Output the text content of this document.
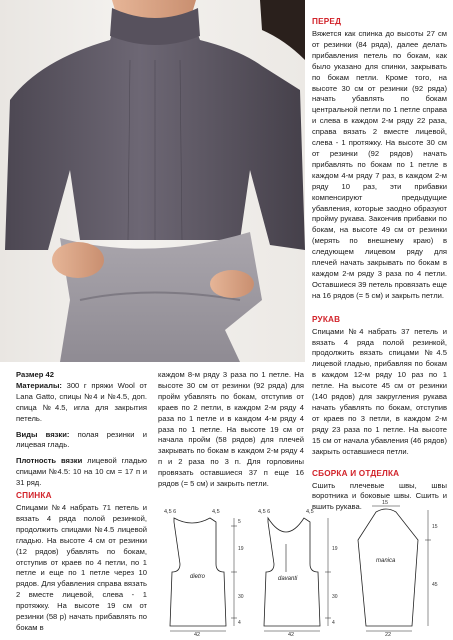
ПЕРЕД
Вяжется как спинка до высоты 27 см от резинки (84 ряда), далее делать прибавления петель по бокам, как было указано для спинки, закрывать по бокам петли. Кроме того, на высоте 30 см от резинки (92 ряда) начать убавлять по бокам центральной петли по 1 петле справа и слева в каждом 2-м ряду 22 раза, справа вязать 2 вместе лицевой, слева - 1 протяжку. На высоте 30 см от резинки (92 рядов) начать прибавлять по бокам по 1 петле в каждом 4-м ряду 7 раз, в каждом 2-м ряду 10 раз, эти прибавки компенсируют предыдущие убавления, которые заодно образуют пройму рукава. Закончив прибавки по бокам, на высоте 49 см от резинки (мерять по внешнему краю) в следующем лицевом ряду для плечей начать закрывать по бокам в каждом 2-м ряду 3 раза по 4 петли. Оставшиеся 39 петель провязать еще на 16 рядов (= 5 см) и закрыть петли.
РУКАВ
Спицами №4 набрать 37 петель и вязать 4 ряда полой резинкой, продолжить вязать спицами №4.5 лицевой гладью, прибавляя по бокам в каждом 12-м ряду 10 раз по 1 петле. На высоте 45 см от резинки (140 рядов) для закругления рукава начать убавлять по бокам, отступив от краев по 3 петли, в каждом 2-м ряду 23 раза по 1 петле. На высоте 15 см от начала убавления (46 рядов) закрыть оставшиеся петли.
СБОРКА И ОТДЕЛКА
Сшить плечевые швы, швы воротника и боковые швы. Сшить и вшить рукава.
Размер 42
Материалы: 300 г пряжи Wool от Lana Gatto, спицы №4 и №4.5, доп. спица №4.5, игла для закрытия петель.
Виды вязки: полая резинки и лицевая гладь.
Плотность вязки лицевой гладью спицами №4.5: 10 на 10 см = 17 п и 31 ряд.
каждом 8-м ряду 3 раза по 1 петле. На высоте 30 см от резинки (92 ряда) для пройм убавлять по бокам, отступив от краев по 2 петли, в каждом 2-м ряду 4 раза по 1 петле и в каждом 4-м ряду 4 раза по 1 петле. На высоте 19 см от начала пройм (58 рядов) для плечей закрывать по бокам в каждом 2-м ряду 4 п и 2 раза по 3 п. Для горловины провязать оставшиеся 37 п еще 16 рядов (= 5 см) и закрыть петли.
СПИНКА
Спицами №4 набрать 71 петель и вязать 4 ряда полой резинкой, продолжить спицами №4.5 лицевой гладью. На высоте 4 см от резинки (12 рядов) убавлять по бокам, отступив от краев по 4 петли, по 1 петле и еще по 1 петле через 10 рядов. Для убавления справа вязать 2 вместе лицевой, слева - 1 протяжку. На высоте 19 см от резинки (58 р) начать прибавлять по бокам в
4,5 6	4,5
dietro
5
19
30
4
42
4,5 6	4,5
davanti
19
30
4
42
15
manica
15
45
22
